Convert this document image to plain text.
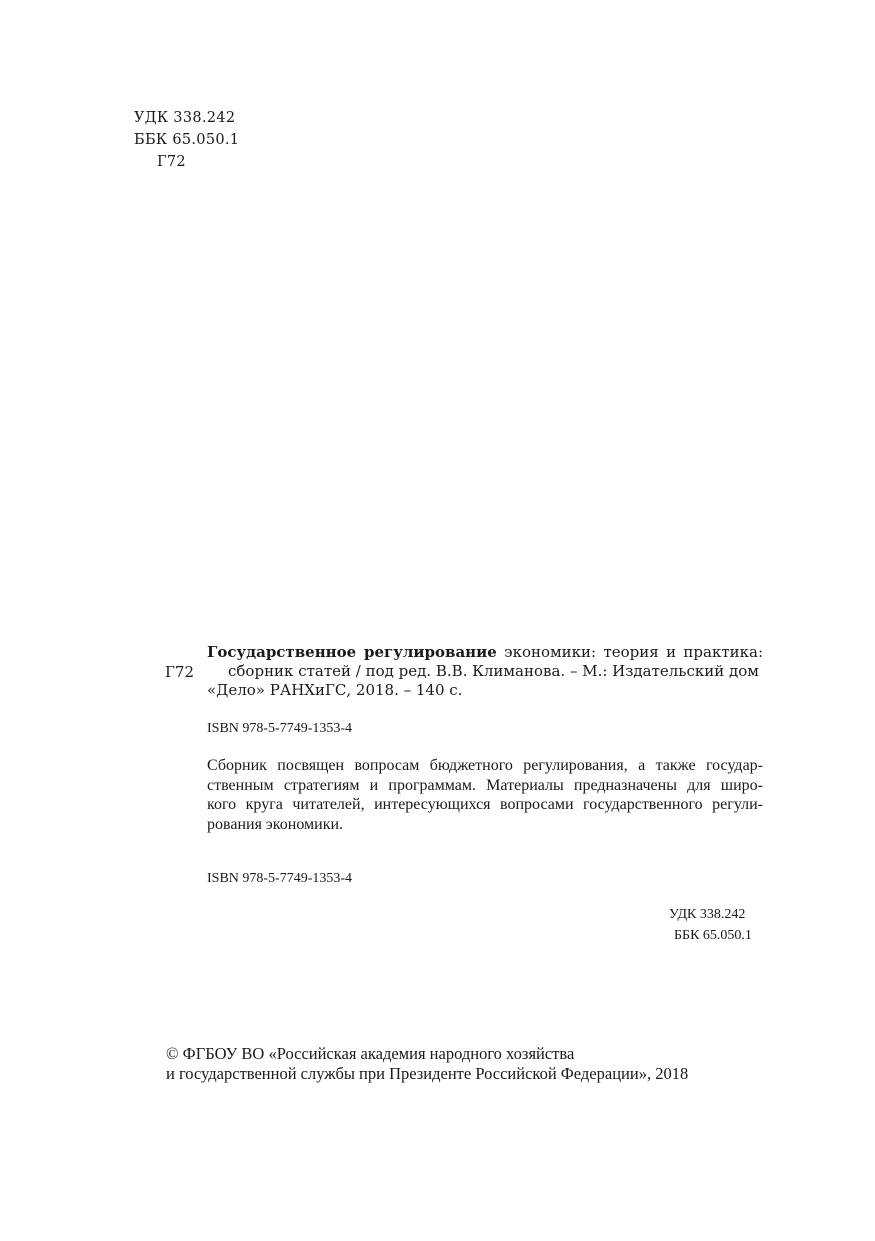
УДК 338.242
ББК 65.050.1
Г72
Г72
Государственное регулирование экономики: теория и практика:
сборник статей / под ред. В.В. Климанова. – М.: Издательский дом
«Дело» РАНХиГС, 2018. – 140 с.
ISBN 978-5-7749-1353-4
Сборник посвящен вопросам бюджетного регулирования, а также государ-
ственным стратегиям и программам. Материалы предназначены для широ-
кого круга читателей, интересующихся вопросами государственного регули-
рования экономики.
ISBN 978-5-7749-1353-4
УДК 338.242
ББК 65.050.1
© ФГБОУ ВО «Российская академия народного хозяйства
и государственной службы при Президенте Российской Федерации», 2018
